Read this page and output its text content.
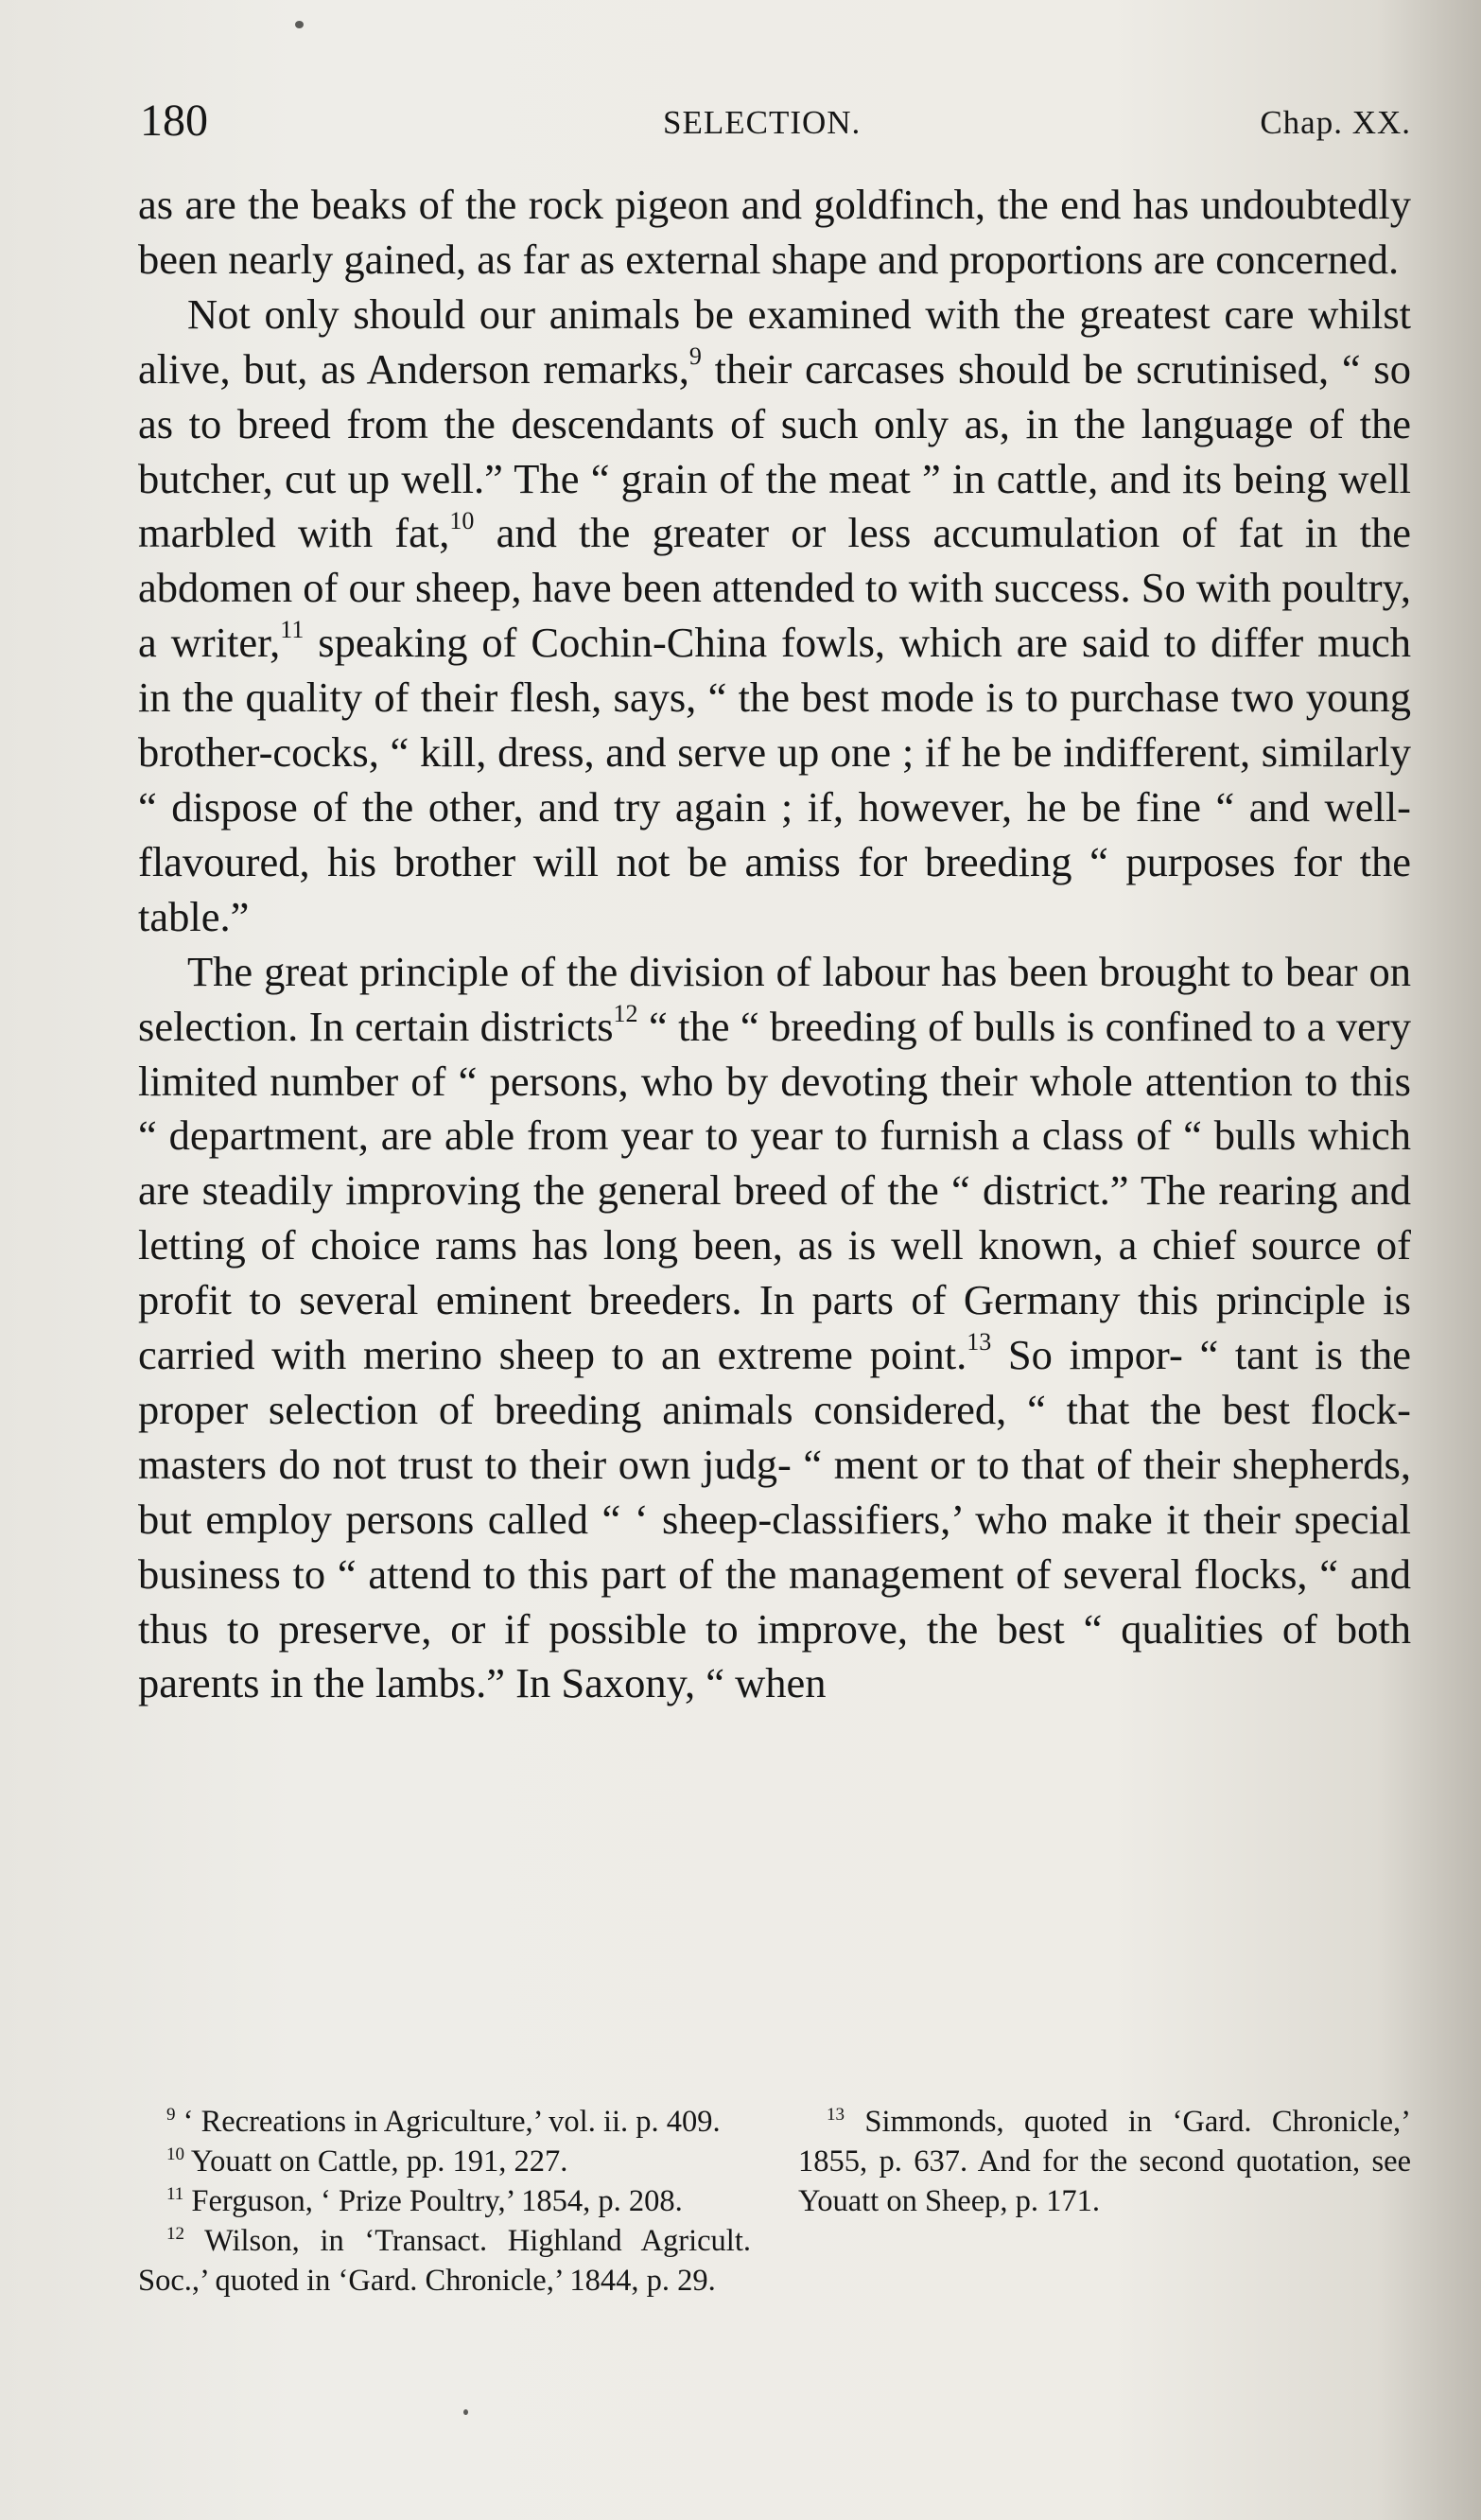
180	SELECTION.	Chap. XX.

as are the beaks of the rock pigeon and goldfinch, the end has undoubtedly been nearly gained, as far as external shape and proportions are concerned.

Not only should our animals be examined with the greatest care whilst alive, but, as Anderson remarks,$^9$ their carcases should be scrutinised, “ so as to breed from the descendants of such only as, in the language of the butcher, cut up well.” The “ grain of the meat ” in cattle, and its being well marbled with fat,$^{10}$ and the greater or less accumulation of fat in the abdomen of our sheep, have been attended to with success. So with poultry, a writer,$^{11}$ speaking of Cochin-China fowls, which are said to differ much in the quality of their flesh, says, “ the best mode is to purchase two young brother-cocks, “ kill, dress, and serve up one ; if he be indifferent, similarly “ dispose of the other, and try again ; if, however, he be fine “ and well-flavoured, his brother will not be amiss for breeding “ purposes for the table.”

The great principle of the division of labour has been brought to bear on selection. In certain districts$^{12}$ “ the “ breeding of bulls is confined to a very limited number of “ persons, who by devoting their whole attention to this “ department, are able from year to year to furnish a class of “ bulls which are steadily improving the general breed of the “ district.” The rearing and letting of choice rams has long been, as is well known, a chief source of profit to several eminent breeders. In parts of Germany this principle is carried with merino sheep to an extreme point.$^{13}$ So impor- “ tant is the proper selection of breeding animals considered, “ that the best flock-masters do not trust to their own judg- “ ment or to that of their shepherds, but employ persons called “ ‘ sheep-classifiers,’ who make it their special business to “ attend to this part of the management of several flocks, “ and thus to preserve, or if possible to improve, the best “ qualities of both parents in the lambs.” In Saxony, “ when

$^9$ ‘ Recreations in Agriculture,’ vol. ii. p. 409.

$^{10}$ Youatt on Cattle, pp. 191, 227.

$^{11}$ Ferguson, ‘ Prize Poultry,’ 1854, p. 208.

$^{12}$ Wilson, in ‘Transact. Highland Agricult. Soc.,’ quoted in ‘Gard. Chronicle,’ 1844, p. 29.

$^{13}$ Simmonds, quoted in ‘Gard. Chronicle,’ 1855, p. 637. And for the second quotation, see Youatt on Sheep, p. 171.
